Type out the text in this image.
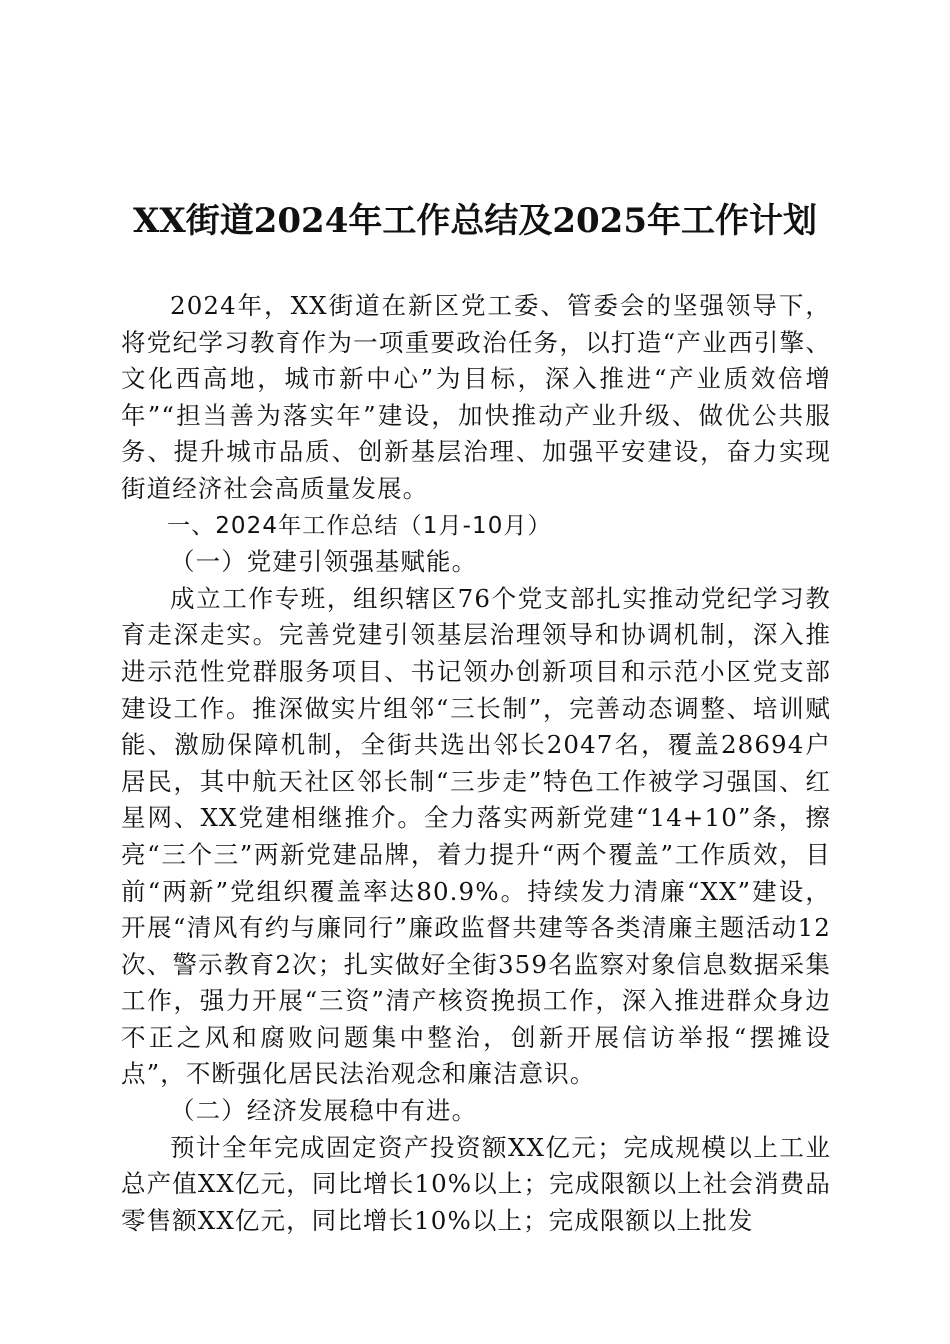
XX街道2024年工作总结及2025年工作计划

2024年，XX街道在新区党工委、管委会的坚强领导下，将党纪学习教育作为一项重要政治任务，以打造“产业西引擎、文化西高地，城市新中心”为目标，深入推进“产业质效倍增年”“担当善为落实年”建设，加快推动产业升级、做优公共服务、提升城市品质、创新基层治理、加强平安建设，奋力实现街道经济社会高质量发展。

一、2024年工作总结（1月-10月）

（一）党建引领强基赋能。

成立工作专班，组织辖区76个党支部扎实推动党纪学习教育走深走实。完善党建引领基层治理领导和协调机制，深入推进示范性党群服务项目、书记领办创新项目和示范小区党支部建设工作。推深做实片组邻“三长制”，完善动态调整、培训赋能、激励保障机制，全街共选出邻长2047名，覆盖28694户居民，其中航天社区邻长制“三步走”特色工作被学习强国、红星网、XX党建相继推介。全力落实两新党建“14+10”条，擦亮“三个三”两新党建品牌，着力提升“两个覆盖”工作质效，目前“两新”党组织覆盖率达80.9%。持续发力清廉“XX”建设，开展“清风有约与廉同行”廉政监督共建等各类清廉主题活动12次、警示教育2次；扎实做好全街359名监察对象信息数据采集工作，强力开展“三资”清产核资挽损工作，深入推进群众身边不正之风和腐败问题集中整治，创新开展信访举报“摆摊设点”，不断强化居民法治观念和廉洁意识。

（二）经济发展稳中有进。

预计全年完成固定资产投资额XX亿元；完成规模以上工业总产值XX亿元，同比增长10%以上；完成限额以上社会消费品零售额XX亿元，同比增长10%以上；完成限额以上批发
